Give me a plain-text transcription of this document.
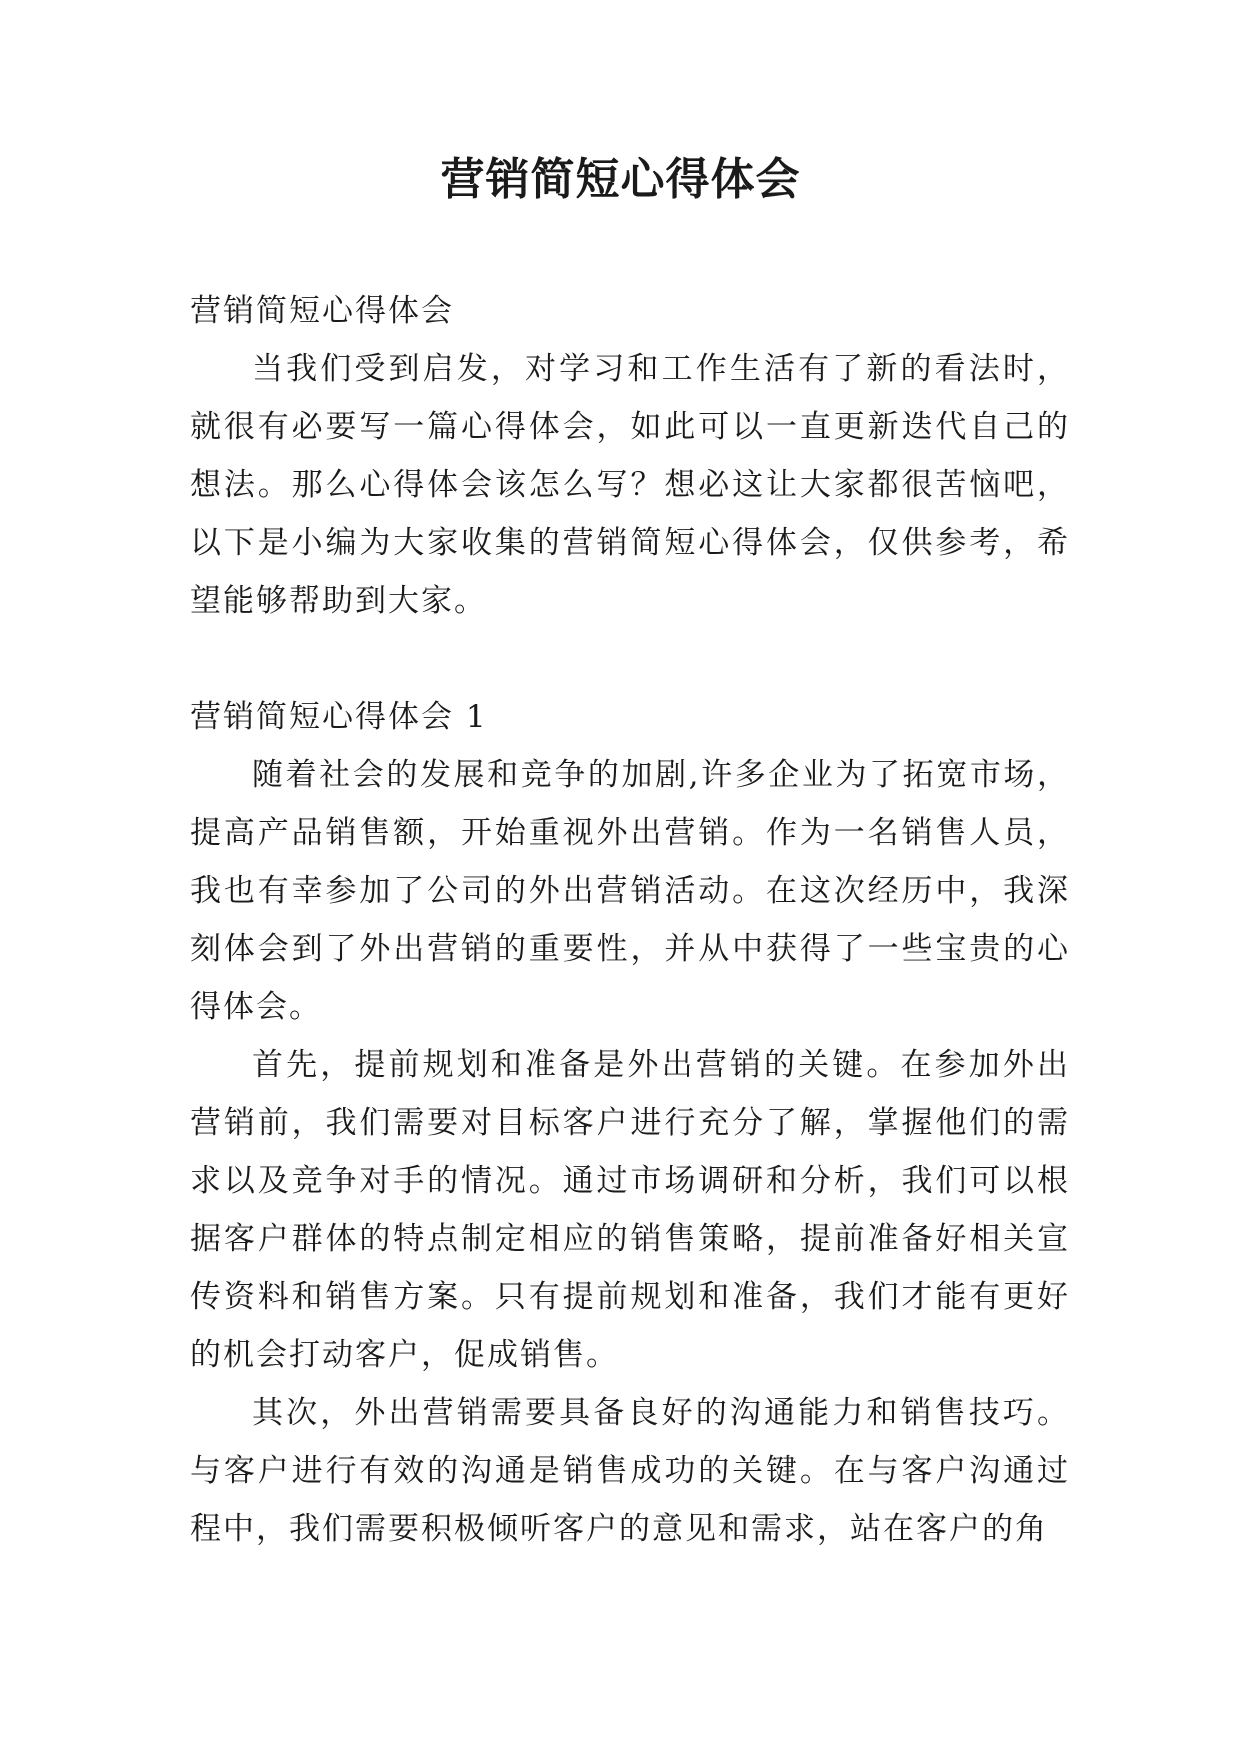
营销简短心得体会

营销简短心得体会

当我们受到启发，对学习和工作生活有了新的看法时，就很有必要写一篇心得体会，如此可以一直更新迭代自己的想法。那么心得体会该怎么写？想必这让大家都很苦恼吧，以下是小编为大家收集的营销简短心得体会，仅供参考，希望能够帮助到大家。

营销简短心得体会 1

随着社会的发展和竞争的加剧,许多企业为了拓宽市场，提高产品销售额，开始重视外出营销。作为一名销售人员，我也有幸参加了公司的外出营销活动。在这次经历中，我深刻体会到了外出营销的重要性，并从中获得了一些宝贵的心得体会。

首先，提前规划和准备是外出营销的关键。在参加外出营销前，我们需要对目标客户进行充分了解，掌握他们的需求以及竞争对手的情况。通过市场调研和分析，我们可以根据客户群体的特点制定相应的销售策略，提前准备好相关宣传资料和销售方案。只有提前规划和准备，我们才能有更好的机会打动客户，促成销售。

其次，外出营销需要具备良好的沟通能力和销售技巧。与客户进行有效的沟通是销售成功的关键。在与客户沟通过程中，我们需要积极倾听客户的意见和需求，站在客户的角
